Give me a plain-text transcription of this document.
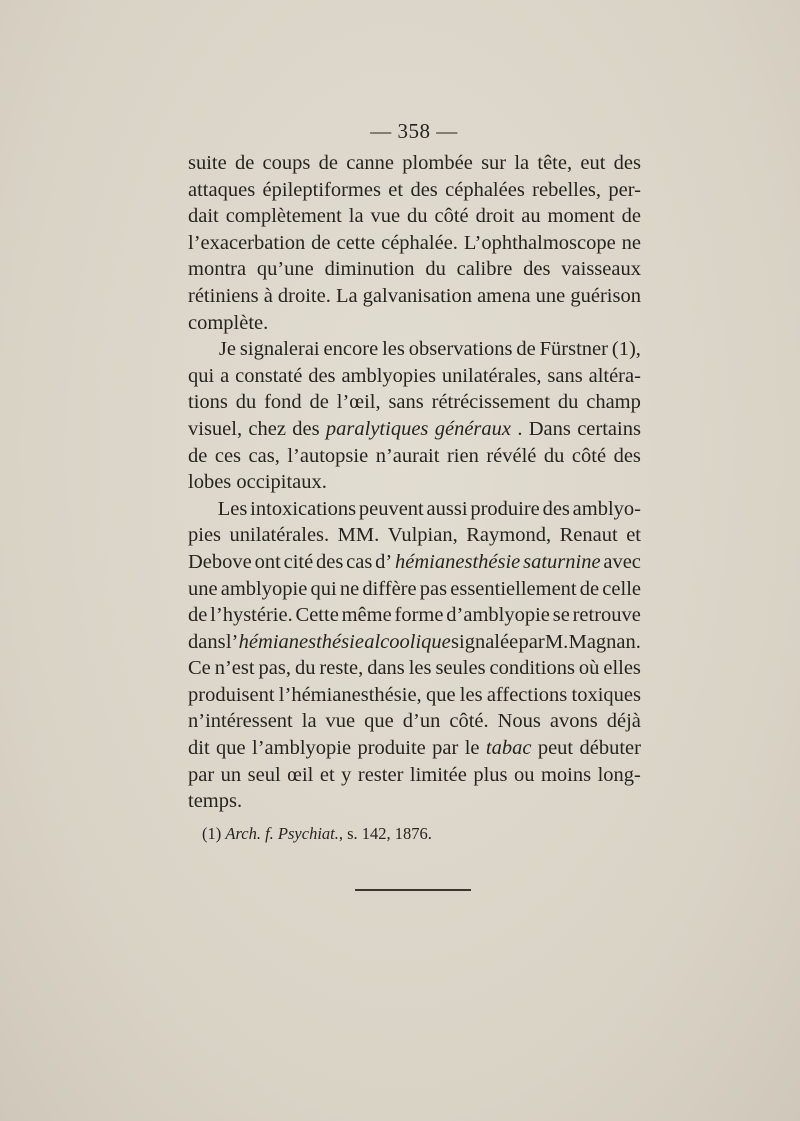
— 358 —
suite de coups de canne plombée sur la tête, eut des
attaques épileptiformes et des céphalées rebelles, per-
dait complètement la vue du côté droit au moment de
l’exacerbation de cette céphalée. L’ophthalmoscope ne
montra qu’une diminution du calibre des vaisseaux
rétiniens à droite. La galvanisation amena une guérison
complète.
Je signalerai encore les observations de Fürstner (1),
qui a constaté des amblyopies unilatérales, sans altéra-
tions du fond de l’œil, sans rétrécissement du champ
visuel, chez des paralytiques généraux . Dans certains
de ces cas, l’autopsie n’aurait rien révélé du côté des
lobes occipitaux.
Les intoxications peuvent aussi produire des amblyo-
pies unilatérales. MM. Vulpian, Raymond, Renaut et
Debove ont cité des cas d’ hémianesthésie saturnine avec
une amblyopie qui ne diffère pas essentiellement de celle
de l’hystérie. Cette même forme d’amblyopie se retrouve
dans l’ hémianesthésie alcoolique signalée par M. Magnan.
Ce n’est pas, du reste, dans les seules conditions où elles
produisent l’hémianesthésie, que les affections toxiques
n’intéressent la vue que d’un côté. Nous avons déjà
dit que l’amblyopie produite par le tabac peut débuter
par un seul œil et y rester limitée plus ou moins long-
temps.
(1) Arch. f. Psychiat., s. 142, 1876.
